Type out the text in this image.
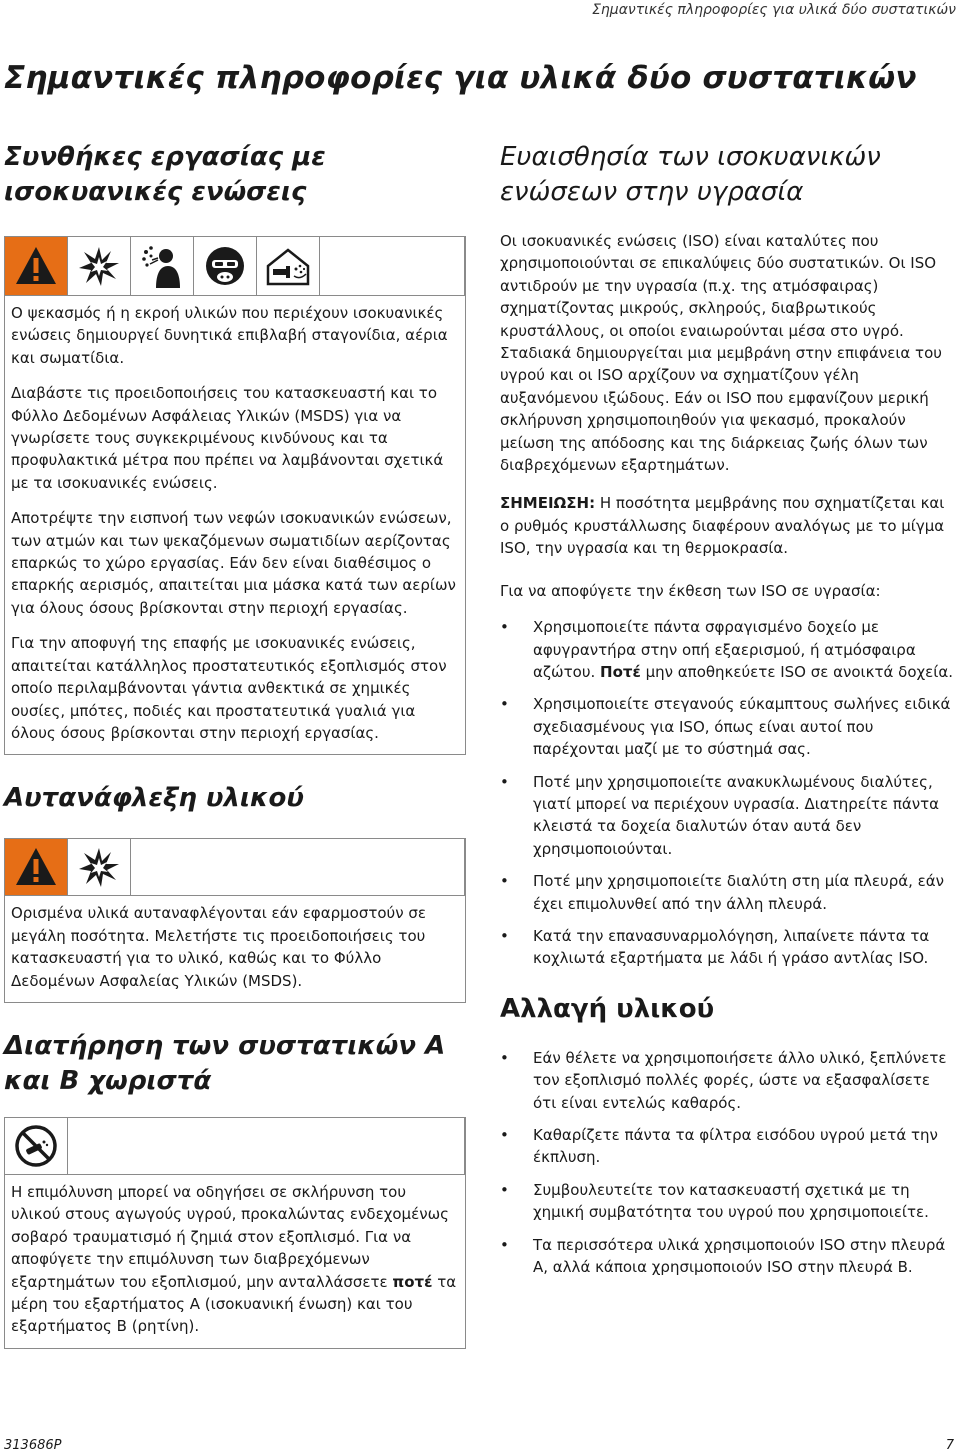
Σημαντικές πληροφορίες για υλικά δύο συστατικών
Σημαντικές πληροφορίες για υλικά δύο συστατικών
Συνθήκες εργασίας με ισοκυανικές ενώσεις

Ο ψεκασμός ή η εκροή υλικών που περιέχουν ισοκυανικές ενώσεις δημιουργεί δυνητικά επιβλαβή σταγονίδια, αέρια και σωματίδια.

Διαβάστε τις προειδοποιήσεις του κατασκευαστή και το Φύλλο Δεδομένων Ασφάλειας Υλικών (MSDS) για να γνωρίσετε τους συγκεκριμένους κινδύνους και τα προφυλακτικά μέτρα που πρέπει να λαμβάνονται σχετικά με τα ισοκυανικές ενώσεις.

Αποτρέψτε την εισπνοή των νεφών ισοκυανικών ενώσεων, των ατμών και των ψεκαζόμενων σωματιδίων αερίζοντας επαρκώς το χώρο εργασίας. Εάν δεν είναι διαθέσιμος ο επαρκής αερισμός, απαιτείται μια μάσκα κατά των αερίων για όλους όσους βρίσκονται στην περιοχή εργασίας.

Για την αποφυγή της επαφής με ισοκυανικές ενώσεις, απαιτείται κατάλληλος προστατευτικός εξοπλισμός στον οποίο περιλαμβάνονται γάντια ανθεκτικά σε χημικές ουσίες, μπότες, ποδιές και προστατευτικά γυαλιά για όλους όσους βρίσκονται στην περιοχή εργασίας.

Αυτανάφλεξη υλικού

Ορισμένα υλικά αυταναφλέγονται εάν εφαρμοστούν σε μεγάλη ποσότητα. Μελετήστε τις προειδοποιήσεις του κατασκευαστή για το υλικό, καθώς και το Φύλλο Δεδομένων Ασφαλείας Υλικών (MSDS).

Διατήρηση των συστατικών Α και Β χωριστά

Η επιμόλυνση μπορεί να οδηγήσει σε σκλήρυνση του υλικού στους αγωγούς υγρού, προκαλώντας ενδεχομένως σοβαρό τραυματισμό ή ζημιά στον εξοπλισμό. Για να αποφύγετε την επιμόλυνση των διαβρεχόμενων εξαρτημάτων του εξοπλισμού, μην ανταλλάσσετε ποτέ τα μέρη του εξαρτήματος Α (ισοκυανική ένωση) και του εξαρτήματος Β (ρητίνη).

Ευαισθησία των ισοκυανικών ενώσεων στην υγρασία

Οι ισοκυανικές ενώσεις (ISO) είναι καταλύτες που χρησιμοποιούνται σε επικαλύψεις δύο συστατικών. Οι ISO αντιδρούν με την υγρασία (π.χ. της ατμόσφαιρας) σχηματίζοντας μικρούς, σκληρούς, διαβρωτικούς κρυστάλλους, οι οποίοι εναιωρούνται μέσα στο υγρό. Σταδιακά δημιουργείται μια μεμβράνη στην επιφάνεια του υγρού και οι ISO αρχίζουν να σχηματίζουν γέλη αυξανόμενου ιξώδους. Εάν οι ISO που εμφανίζουν μερική σκλήρυνση χρησιμοποιηθούν για ψεκασμό, προκαλούν μείωση της απόδοσης και της διάρκειας ζωής όλων των διαβρεχόμενων εξαρτημάτων.

ΣΗΜΕΙΩΣΗ: Η ποσότητα μεμβράνης που σχηματίζεται και ο ρυθμός κρυστάλλωσης διαφέρουν αναλόγως με το μίγμα ISO, την υγρασία και τη θερμοκρασία.

Για να αποφύγετε την έκθεση των ISO σε υγρασία:

• Χρησιμοποιείτε πάντα σφραγισμένο δοχείο με αφυγραντήρα στην οπή εξαερισμού, ή ατμόσφαιρα αζώτου. Ποτέ μην αποθηκεύετε ISO σε ανοικτά δοχεία.
• Χρησιμοποιείτε στεγανούς εύκαμπτους σωλήνες ειδικά σχεδιασμένους για ISO, όπως είναι αυτοί που παρέχονται μαζί με το σύστημά σας.
• Ποτέ μην χρησιμοποιείτε ανακυκλωμένους διαλύτες, γιατί μπορεί να περιέχουν υγρασία. Διατηρείτε πάντα κλειστά τα δοχεία διαλυτών όταν αυτά δεν χρησιμοποιούνται.
• Ποτέ μην χρησιμοποιείτε διαλύτη στη μία πλευρά, εάν έχει επιμολυνθεί από την άλλη πλευρά.
• Κατά την επανασυναρμολόγηση, λιπαίνετε πάντα τα κοχλιωτά εξαρτήματα με λάδι ή γράσο αντλίας ISO.
Αλλαγή υλικού
• Εάν θέλετε να χρησιμοποιήσετε άλλο υλικό, ξεπλύνετε τον εξοπλισμό πολλές φορές, ώστε να εξασφαλίσετε ότι είναι εντελώς καθαρός.
• Καθαρίζετε πάντα τα φίλτρα εισόδου υγρού μετά την έκπλυση.
• Συμβουλευτείτε τον κατασκευαστή σχετικά με τη χημική συμβατότητα του υγρού που χρησιμοποιείτε.
• Τα περισσότερα υλικά χρησιμοποιούν ISO στην πλευρά Α, αλλά κάποια χρησιμοποιούν ISO στην πλευρά Β.
313686P	7
